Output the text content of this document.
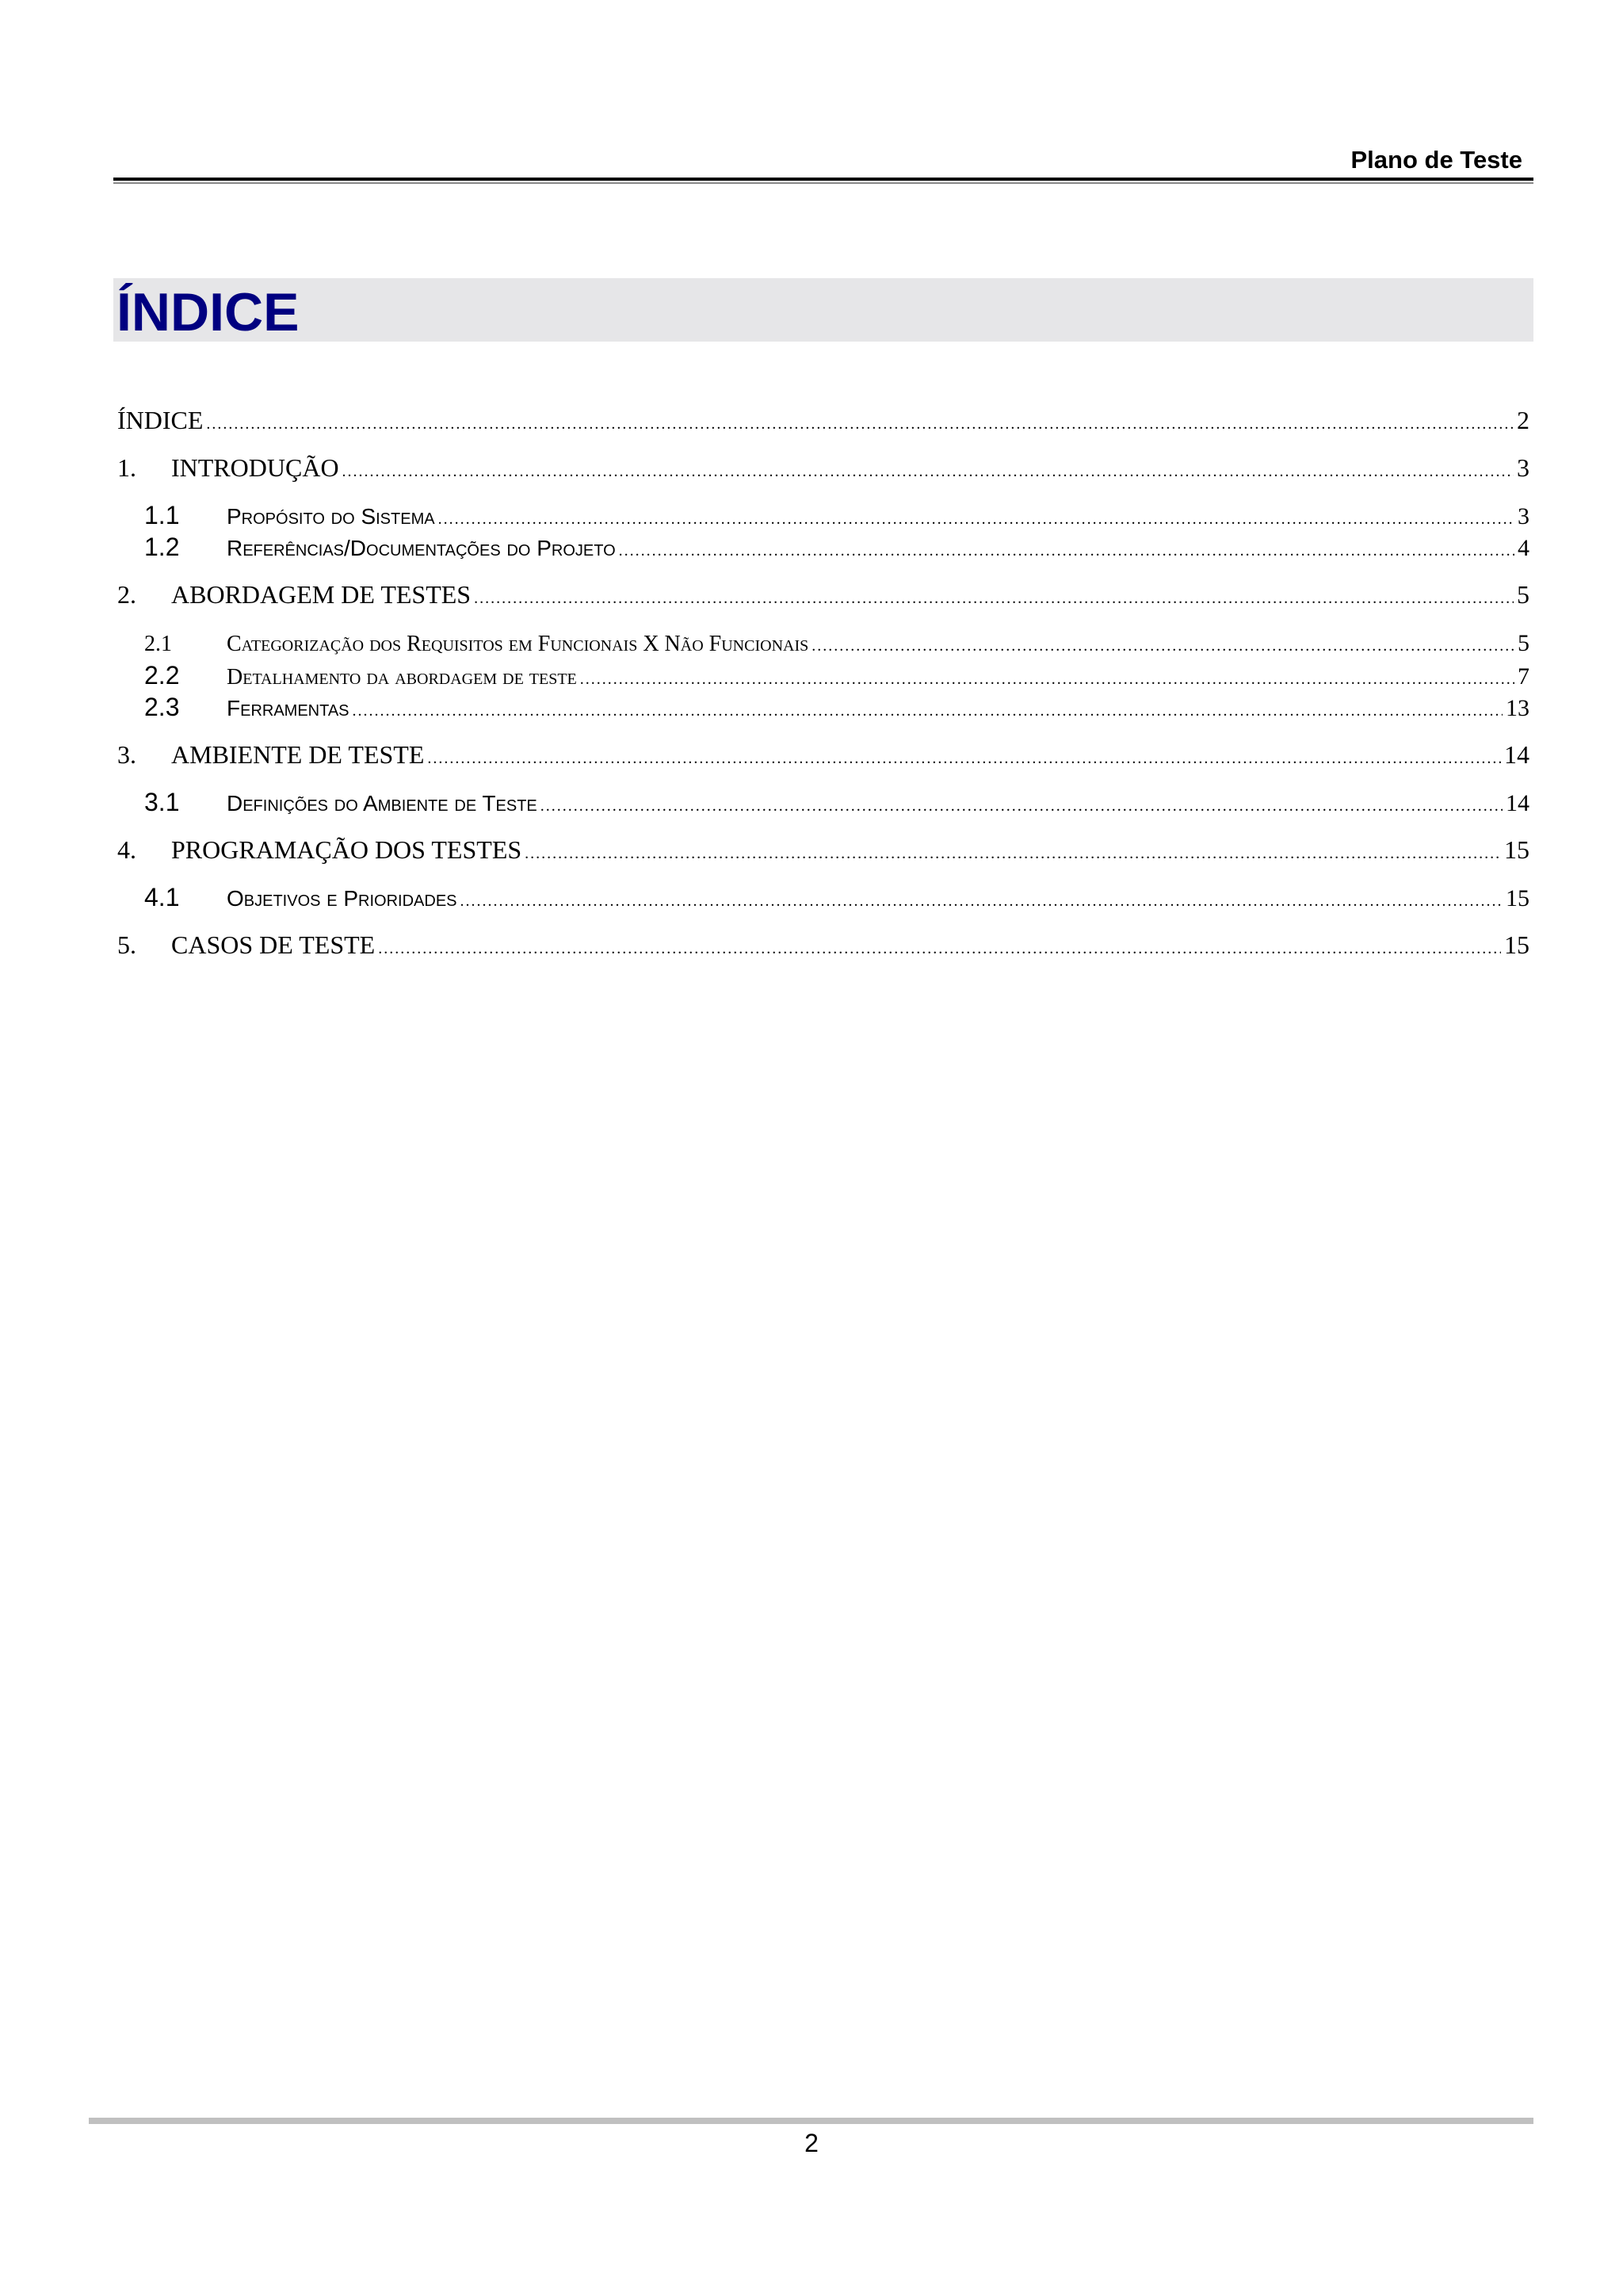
Plano de Teste
ÍNDICE
ÍNDICE .....	2
1.	INTRODUÇÃO .....	3
1.1	Propósito do Sistema .....	3
1.2	Referências/Documentações do Projeto .....	4
2.	ABORDAGEM DE TESTES .....	5
2.1	Categorização dos Requisitos em Funcionais X Não Funcionais .....	5
2.2	Detalhamento da abordagem de teste .....	7
2.3	Ferramentas .....	13
3.	AMBIENTE DE TESTE .....	14
3.1	Definições do Ambiente de Teste .....	14
4.	PROGRAMAÇÃO DOS TESTES .....	15
4.1	Objetivos e Prioridades .....	15
5.	CASOS DE TESTE .....	15
2
